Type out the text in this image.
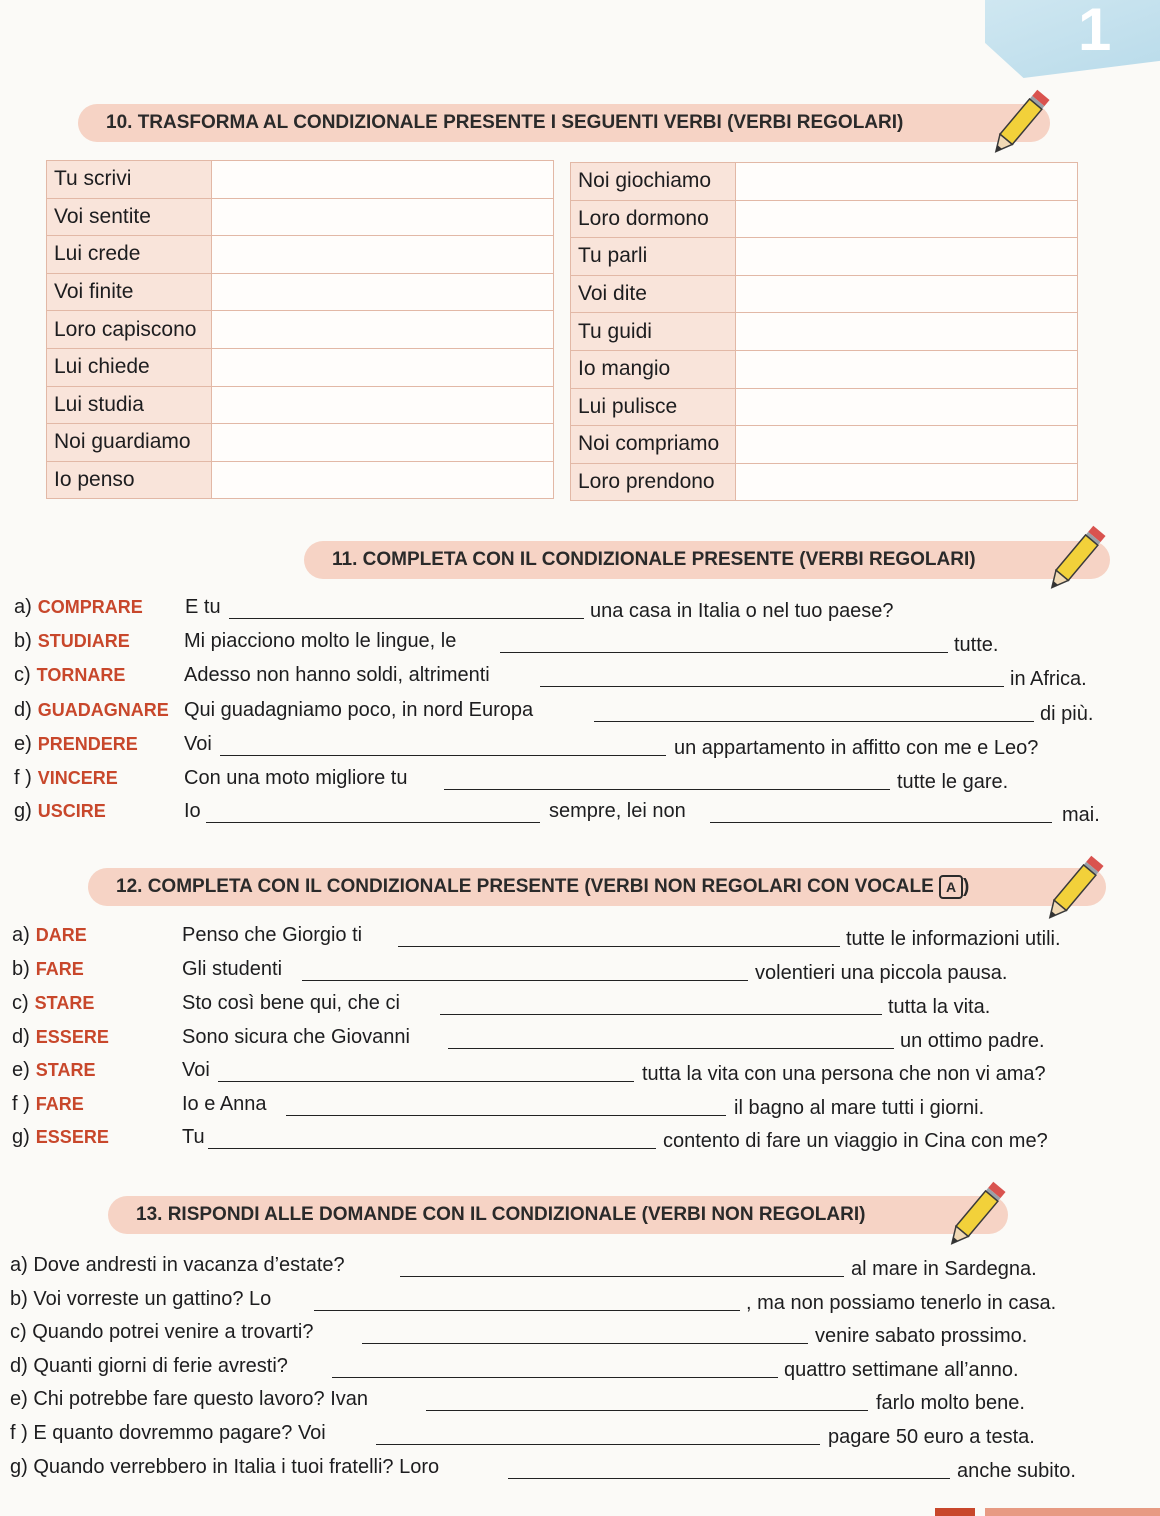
1
10. TRASFORMA AL CONDIZIONALE PRESENTE I SEGUENTI VERBI (VERBI REGOLARI)
Tu scrivi	
Voi sentite	
Lui crede	
Voi finite	
Loro capiscono	
Lui chiede	
Lui studia	
Noi guardiamo	
Io penso	
Noi giochiamo	
Loro dormono	
Tu parli	
Voi dite	
Tu guidi	
Io mangio	
Lui pulisce	
Noi compriamo	
Loro prendono	
11. COMPLETA CON IL CONDIZIONALE PRESENTE (VERBI REGOLARI)
a) COMPRARE E tu	una casa in Italia o nel tuo paese?
b) STUDIARE	Mi piacciono molto le lingue, le	tutte.
c) TORNARE	Adesso non hanno soldi, altrimenti	in Africa.
d) GUADAGNARE Qui guadagniamo poco, in nord Europa	di più.
e) PRENDERE Voi	un appartamento in affitto con me e Leo?
f ) VINCERE	Con una moto migliore tu	tutte le gare.
g) USCIRE	Io	sempre, lei non	mai.
12. COMPLETA CON IL CONDIZIONALE PRESENTE (VERBI NON REGOLARI CON VOCALE A )
a) DARE	Penso che Giorgio ti	tutte le informazioni utili.
b) FARE	Gli studenti	volentieri una piccola pausa.
c) STARE	Sto così bene qui, che ci	tutta la vita.
d) ESSERE	Sono sicura che Giovanni	un ottimo padre.
e) STARE	Voi	tutta la vita con una persona che non vi ama?
f ) FARE	Io e Anna	il bagno al mare tutti i giorni.
g) ESSERE	Tu	contento di fare un viaggio in Cina con me?
13. RISPONDI ALLE DOMANDE CON IL CONDIZIONALE (VERBI NON REGOLARI)
a) Dove andresti in vacanza d’estate?	al mare in Sardegna.
b) Voi vorreste un gattino? Lo	, ma non possiamo tenerlo in casa.
c) Quando potrei venire a trovarti?	venire sabato prossimo.
d) Quanti giorni di ferie avresti?	quattro settimane all’anno.
e) Chi potrebbe fare questo lavoro? Ivan	farlo molto bene.
f ) E quanto dovremmo pagare? Voi	pagare 50 euro a testa.
g) Quando verrebbero in Italia i tuoi fratelli? Loro	anche subito.
